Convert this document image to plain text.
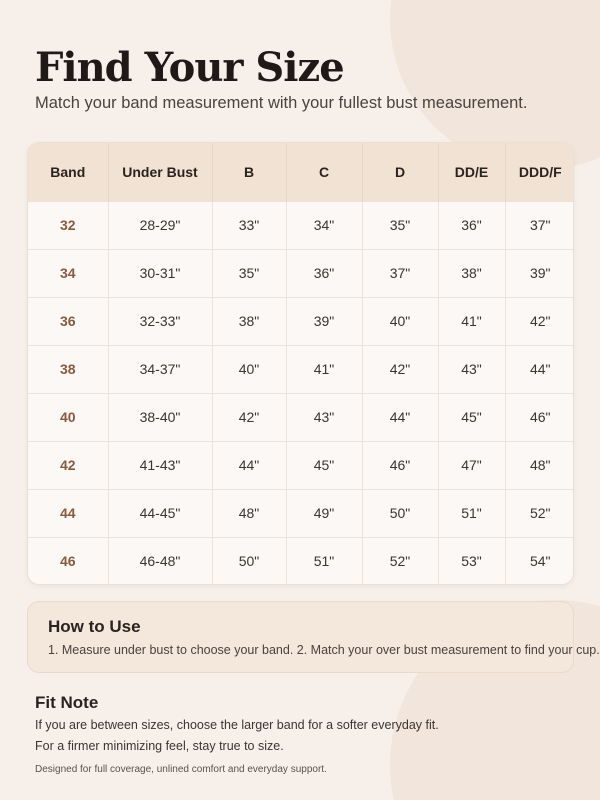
Find Your Size

Match your band measurement with your fullest bust measurement.

Band	Under Bust	B	C	D	DD/E	DDD/F
32	28-29"	33"	34"	35"	36"	37"
34	30-31"	35"	36"	37"	38"	39"
36	32-33"	38"	39"	40"	41"	42"
38	34-37"	40"	41"	42"	43"	44"
40	38-40"	42"	43"	44"	45"	46"
42	41-43"	44"	45"	46"	47"	48"
44	44-45"	48"	49"	50"	51"	52"
46	46-48"	50"	51"	52"	53"	54"
How to Use
1. Measure under bust to choose your band. 2. Match your over bust measurement to find your cup.
Fit Note
If you are between sizes, choose the larger band for a softer everyday fit.
For a firmer minimizing feel, stay true to size.
Designed for full coverage, unlined comfort and everyday support.
